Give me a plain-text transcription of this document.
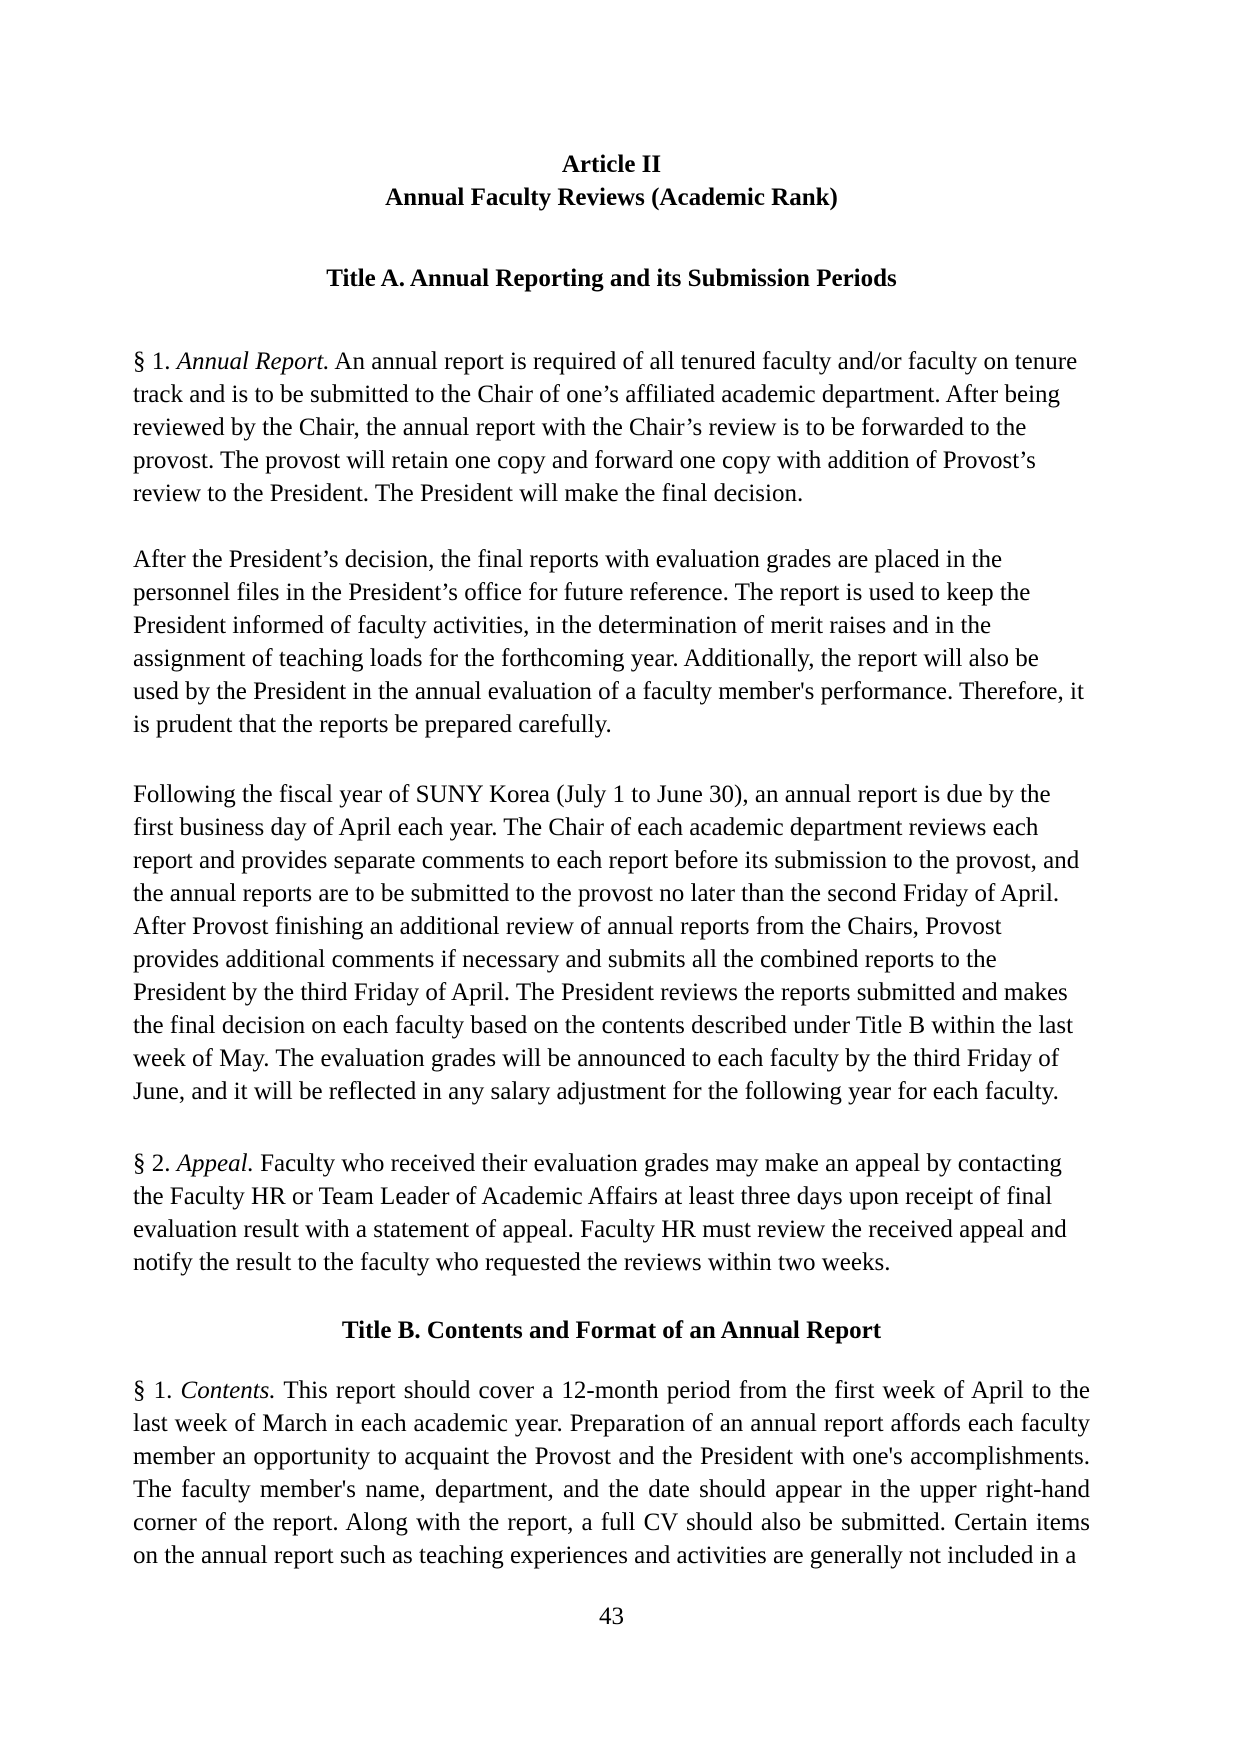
Article II
Annual Faculty Reviews (Academic Rank)
Title A. Annual Reporting and its Submission Periods

§ 1. Annual Report. An annual report is required of all tenured faculty and/or faculty on tenure track and is to be submitted to the Chair of one’s affiliated academic department. After being reviewed by the Chair, the annual report with the Chair’s review is to be forwarded to the provost. The provost will retain one copy and forward one copy with addition of Provost’s review to the President. The President will make the final decision.

After the President’s decision, the final reports with evaluation grades are placed in the personnel files in the President’s office for future reference. The report is used to keep the President informed of faculty activities, in the determination of merit raises and in the assignment of teaching loads for the forthcoming year. Additionally, the report will also be used by the President in the annual evaluation of a faculty member's performance. Therefore, it is prudent that the reports be prepared carefully.

Following the fiscal year of SUNY Korea (July 1 to June 30), an annual report is due by the first business day of April each year. The Chair of each academic department reviews each report and provides separate comments to each report before its submission to the provost, and the annual reports are to be submitted to the provost no later than the second Friday of April. After Provost finishing an additional review of annual reports from the Chairs, Provost provides additional comments if necessary and submits all the combined reports to the President by the third Friday of April. The President reviews the reports submitted and makes the final decision on each faculty based on the contents described under Title B within the last week of May. The evaluation grades will be announced to each faculty by the third Friday of June, and it will be reflected in any salary adjustment for the following year for each faculty.

§ 2. Appeal. Faculty who received their evaluation grades may make an appeal by contacting the Faculty HR or Team Leader of Academic Affairs at least three days upon receipt of final evaluation result with a statement of appeal. Faculty HR must review the received appeal and notify the result to the faculty who requested the reviews within two weeks.

Title B. Contents and Format of an Annual Report

§ 1. Contents. This report should cover a 12-month period from the first week of April to the last week of March in each academic year. Preparation of an annual report affords each faculty member an opportunity to acquaint the Provost and the President with one's accomplishments. The faculty member's name, department, and the date should appear in the upper right-hand corner of the report. Along with the report, a full CV should also be submitted. Certain items on the annual report such as teaching experiences and activities are generally not included in a

43
